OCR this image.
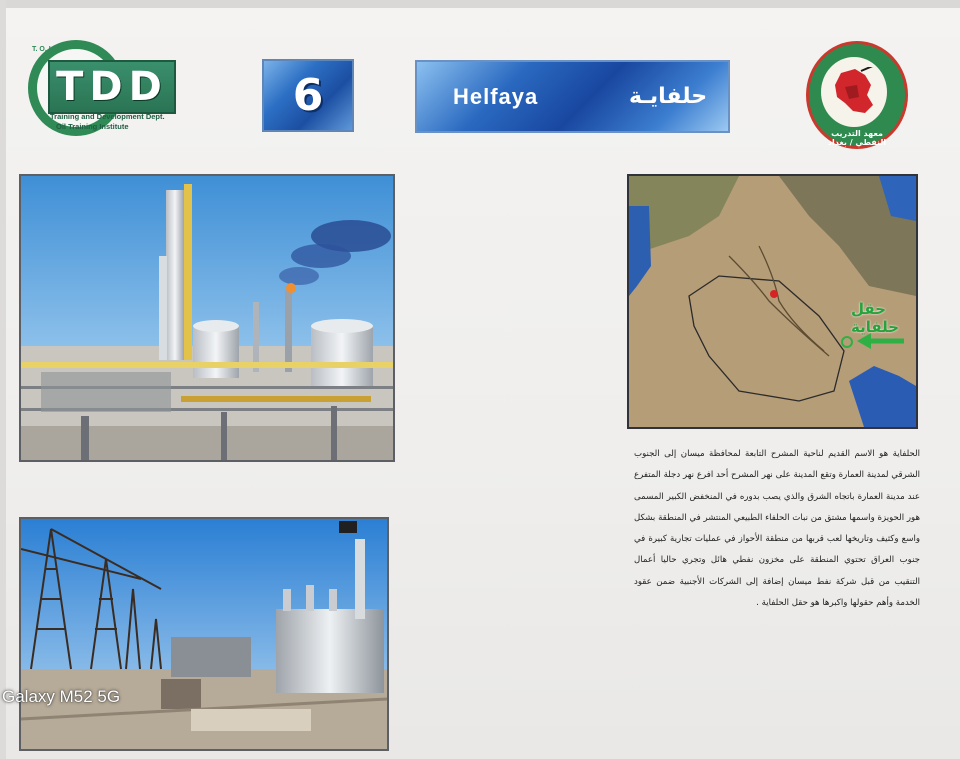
T. O. I
TDD
Training and Development Dept.
Oil Training Institute
6	Helfaya	حلفايـة
معهد التدريب النفطي / بغداد
حقل حلفاية

الحلفاية هو الاسم القديم لناحية المشرح التابعة لمحافظة ميسان إلى الجنوب الشرقي لمدينة العمارة وتقع المدينة على نهر المشرح أحد افرع نهر دجلة المتفرع عند مدينة العمارة باتجاه الشرق والذي يصب بدوره في المنخفض الكبير المسمى هور الحويزة واسمها مشتق من نبات الحلفاء الطبيعي المنتشر في المنطقة بشكل واسع وكثيف وتاريخها لعب قربها من منطقة الأحواز في عمليات تجارية كبيرة في جنوب العراق تحتوي المنطقة على مخزون نفطي هائل وتجري حاليا أعمال التنقيب من قبل شركة نفط ميسان إضافة إلى الشركات الأجنبية ضمن عقود الخدمة وأهم حقولها واكبرها هو حقل الحلفاية .

Galaxy M52 5G
